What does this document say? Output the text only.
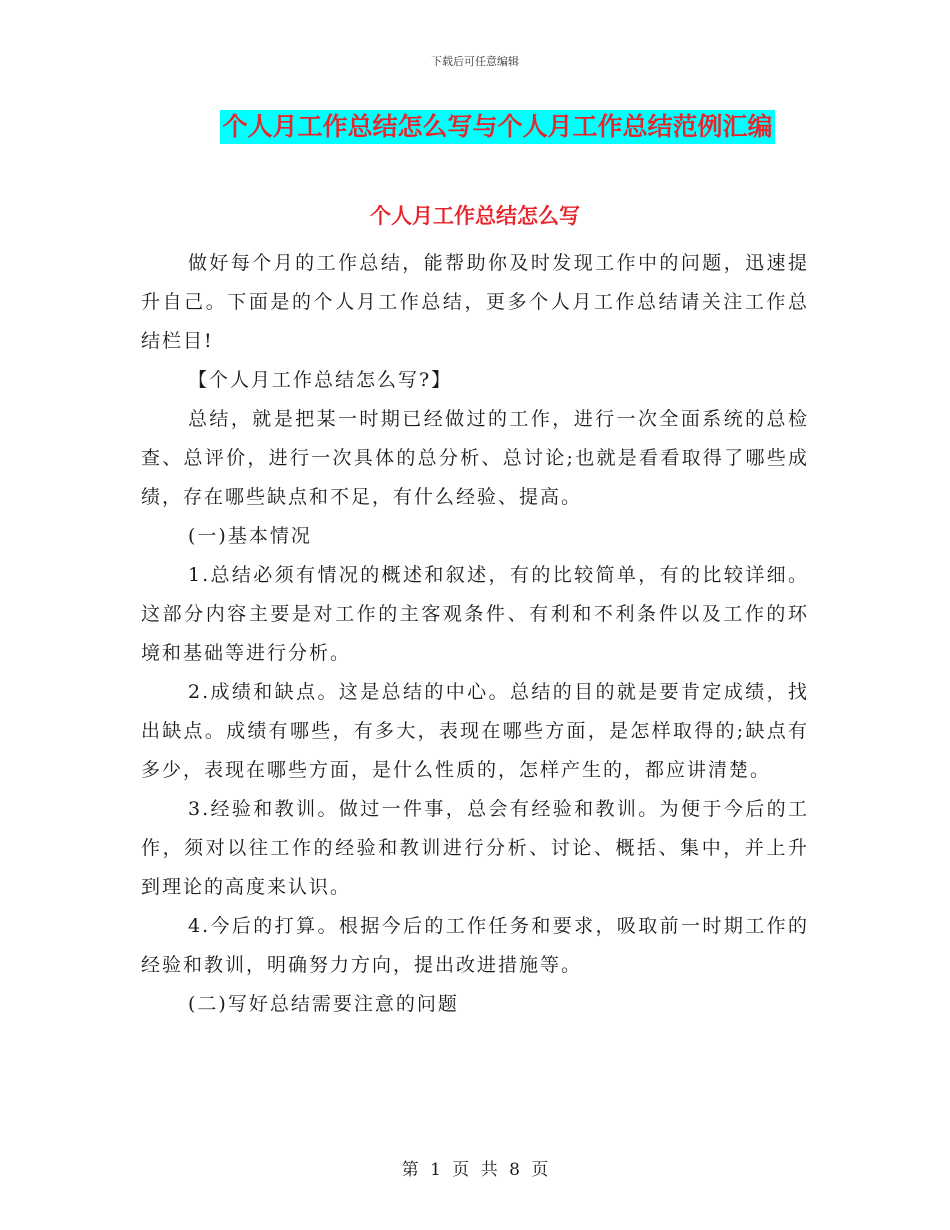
下载后可任意编辑
个人月工作总结怎么写与个人月工作总结范例汇编
个人月工作总结怎么写

做好每个月的工作总结，能帮助你及时发现工作中的问题，迅速提升自己。下面是的个人月工作总结，更多个人月工作总结请关注工作总结栏目!

【个人月工作总结怎么写?】

总结，就是把某一时期已经做过的工作，进行一次全面系统的总检查、总评价，进行一次具体的总分析、总讨论;也就是看看取得了哪些成绩，存在哪些缺点和不足，有什么经验、提高。

(一)基本情况

1.总结必须有情况的概述和叙述，有的比较简单，有的比较详细。这部分内容主要是对工作的主客观条件、有利和不利条件以及工作的环境和基础等进行分析。

2.成绩和缺点。这是总结的中心。总结的目的就是要肯定成绩，找出缺点。成绩有哪些，有多大，表现在哪些方面，是怎样取得的;缺点有多少，表现在哪些方面，是什么性质的，怎样产生的，都应讲清楚。

3.经验和教训。做过一件事，总会有经验和教训。为便于今后的工作，须对以往工作的经验和教训进行分析、讨论、概括、集中，并上升到理论的高度来认识。

4.今后的打算。根据今后的工作任务和要求，吸取前一时期工作的经验和教训，明确努力方向，提出改进措施等。

(二)写好总结需要注意的问题

第 1 页 共 8 页
